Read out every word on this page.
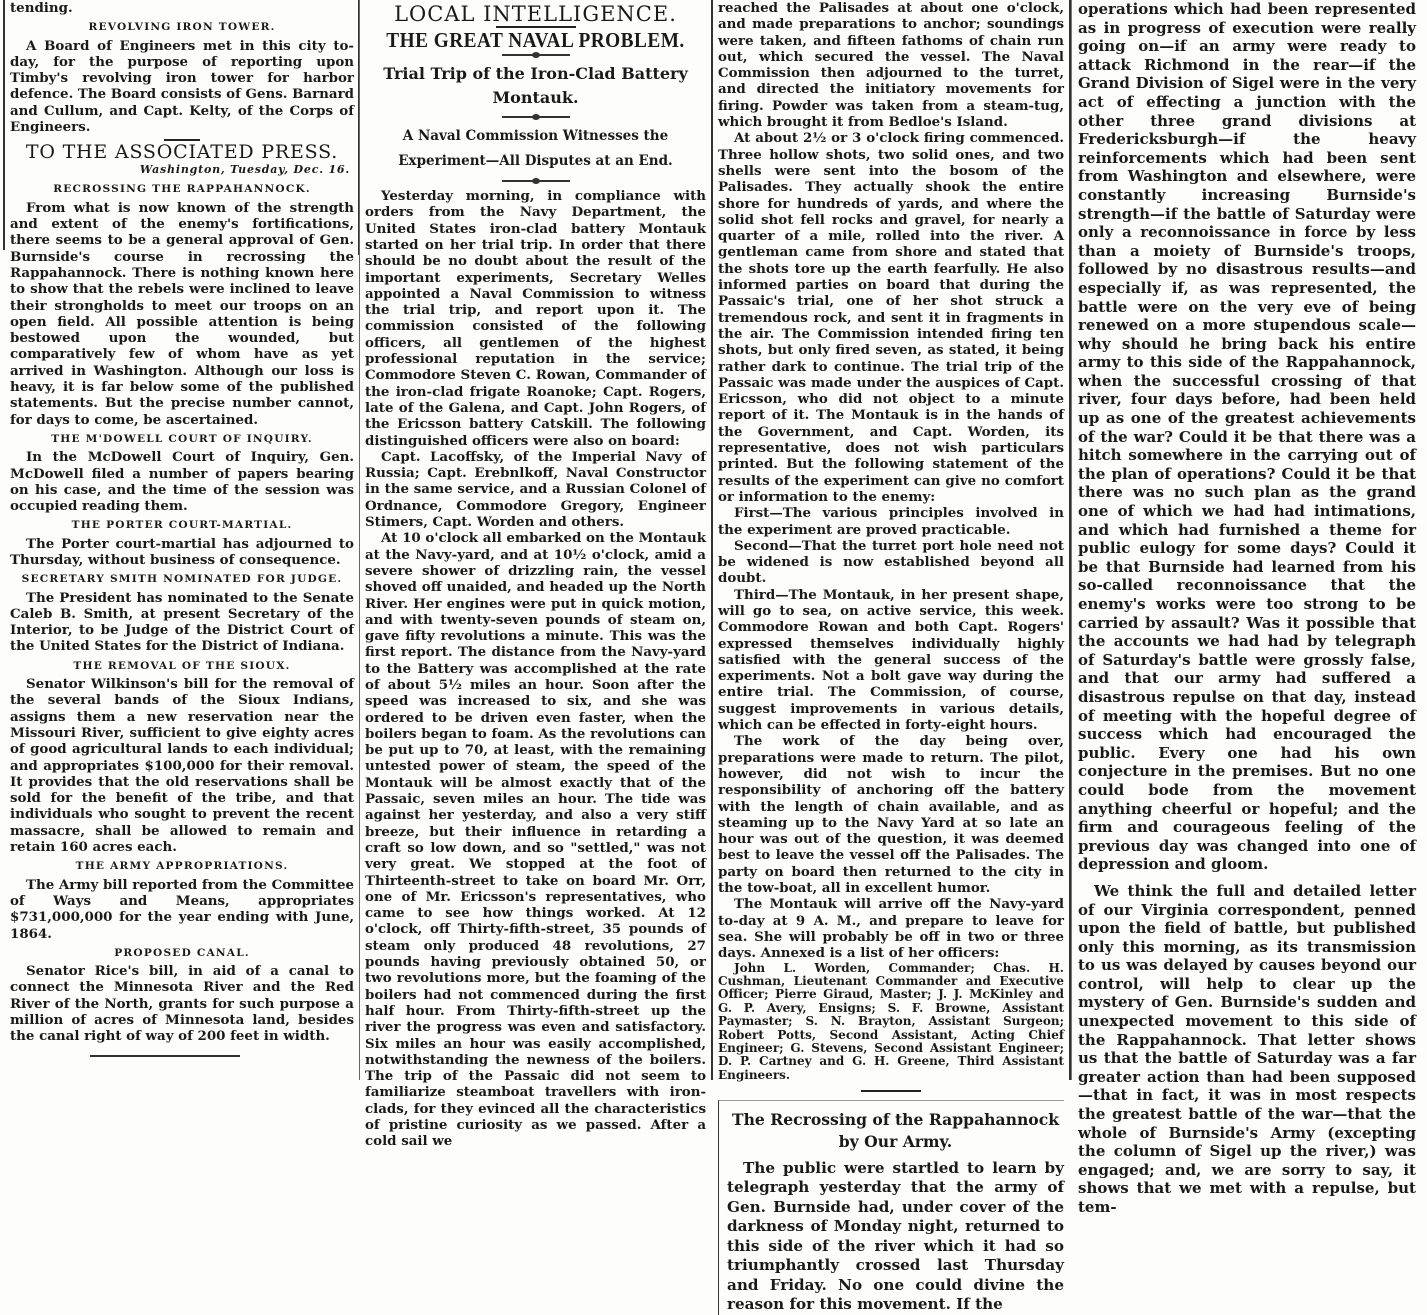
tending.

REVOLVING IRON TOWER.

A Board of Engineers met in this city to-day, for the purpose of reporting upon Timby's revolving iron tower for harbor defence. The Board consists of Gens. Barnard and Cullum, and Capt. Kelty, of the Corps of Engineers.

TO THE ASSOCIATED PRESS.
Washington, Tuesday, Dec. 16.

RECROSSING THE RAPPAHANNOCK.

From what is now known of the strength and extent of the enemy's fortifications, there seems to be a general approval of Gen. Burnside's course in recrossing the Rappahannock. There is nothing known here to show that the rebels were inclined to leave their strongholds to meet our troops on an open field. All possible attention is being bestowed upon the wounded, but comparatively few of whom have as yet arrived in Washington. Although our loss is heavy, it is far below some of the published statements. But the precise number cannot, for days to come, be ascertained.

THE M'DOWELL COURT OF INQUIRY.

In the McDowell Court of Inquiry, Gen. McDowell filed a number of papers bearing on his case, and the time of the session was occupied reading them.

THE PORTER COURT-MARTIAL.

The Porter court-martial has adjourned to Thursday, without business of consequence.

SECRETARY SMITH NOMINATED FOR JUDGE.

The President has nominated to the Senate Caleb B. Smith, at present Secretary of the Interior, to be Judge of the District Court of the United States for the District of Indiana.

THE REMOVAL OF THE SIOUX.

Senator Wilkinson's bill for the removal of the several bands of the Sioux Indians, assigns them a new reservation near the Missouri River, sufficient to give eighty acres of good agricultural lands to each individual; and appropriates $100,000 for their removal. It provides that the old reservations shall be sold for the benefit of the tribe, and that individuals who sought to prevent the recent massacre, shall be allowed to remain and retain 160 acres each.

THE ARMY APPROPRIATIONS.

The Army bill reported from the Committee of Ways and Means, appropriates $731,000,000 for the year ending with June, 1864.

PROPOSED CANAL.

Senator Rice's bill, in aid of a canal to connect the Minnesota River and the Red River of the North, grants for such purpose a million of acres of Minnesota land, besides the canal right of way of 200 feet in width.

LOCAL INTELLIGENCE.
THE GREAT NAVAL PROBLEM.
Trial Trip of the Iron-Clad Battery Montauk.
A Naval Commission Witnesses the Experiment—All Disputes at an End.

Yesterday morning, in compliance with orders from the Navy Department, the United States iron-clad battery Montauk started on her trial trip. In order that there should be no doubt about the result of the important experiments, Secretary Welles appointed a Naval Commission to witness the trial trip, and report upon it. The commission consisted of the following officers, all gentlemen of the highest professional reputation in the service; Commodore Steven C. Rowan, Commander of the iron-clad frigate Roanoke; Capt. Rogers, late of the Galena, and Capt. John Rogers, of the Ericsson battery Catskill. The following distinguished officers were also on board:

Capt. Lacoffsky, of the Imperial Navy of Russia; Capt. Erebnlkoff, Naval Constructor in the same service, and a Russian Colonel of Ordnance, Commodore Gregory, Engineer Stimers, Capt. Worden and others.

At 10 o'clock all embarked on the Montauk at the Navy-yard, and at 10½ o'clock, amid a severe shower of drizzling rain, the vessel shoved off unaided, and headed up the North River. Her engines were put in quick motion, and with twenty-seven pounds of steam on, gave fifty revolutions a minute. This was the first report. The distance from the Navy-yard to the Battery was accomplished at the rate of about 5½ miles an hour. Soon after the speed was increased to six, and she was ordered to be driven even faster, when the boilers began to foam. As the revolutions can be put up to 70, at least, with the remaining untested power of steam, the speed of the Montauk will be almost exactly that of the Passaic, seven miles an hour. The tide was against her yesterday, and also a very stiff breeze, but their influence in retarding a craft so low down, and so "settled," was not very great. We stopped at the foot of Thirteenth-street to take on board Mr. Orr, one of Mr. Ericsson's representatives, who came to see how things worked. At 12 o'clock, off Thirty-fifth-street, 35 pounds of steam only produced 48 revolutions, 27 pounds having previously obtained 50, or two revolutions more, but the foaming of the boilers had not commenced during the first half hour. From Thirty-fifth-street up the river the progress was even and satisfactory. Six miles an hour was easily accomplished, notwithstanding the newness of the boilers. The trip of the Passaic did not seem to familiarize steamboat travellers with iron-clads, for they evinced all the characteristics of pristine curiosity as we passed. After a cold sail we

reached the Palisades at about one o'clock, and made preparations to anchor; soundings were taken, and fifteen fathoms of chain run out, which secured the vessel. The Naval Commission then adjourned to the turret, and directed the initiatory movements for firing. Powder was taken from a steam-tug, which brought it from Bedloe's Island.

At about 2½ or 3 o'clock firing commenced. Three hollow shots, two solid ones, and two shells were sent into the bosom of the Palisades. They actually shook the entire shore for hundreds of yards, and where the solid shot fell rocks and gravel, for nearly a quarter of a mile, rolled into the river. A gentleman came from shore and stated that the shots tore up the earth fearfully. He also informed parties on board that during the Passaic's trial, one of her shot struck a tremendous rock, and sent it in fragments in the air. The Commission intended firing ten shots, but only fired seven, as stated, it being rather dark to continue. The trial trip of the Passaic was made under the auspices of Capt. Ericsson, who did not object to a minute report of it. The Montauk is in the hands of the Government, and Capt. Worden, its representative, does not wish particulars printed. But the following statement of the results of the experiment can give no comfort or information to the enemy:

First—The various principles involved in the experiment are proved practicable.

Second—That the turret port hole need not be widened is now established beyond all doubt.

Third—The Montauk, in her present shape, will go to sea, on active service, this week. Commodore Rowan and both Capt. Rogers' expressed themselves individually highly satisfied with the general success of the experiments. Not a bolt gave way during the entire trial. The Commission, of course, suggest improvements in various details, which can be effected in forty-eight hours.

The work of the day being over, preparations were made to return. The pilot, however, did not wish to incur the responsibility of anchoring off the battery with the length of chain available, and as steaming up to the Navy Yard at so late an hour was out of the question, it was deemed best to leave the vessel off the Palisades. The party on board then returned to the city in the tow-boat, all in excellent humor.

The Montauk will arrive off the Navy-yard to-day at 9 A. M., and prepare to leave for sea. She will probably be off in two or three days. Annexed is a list of her officers:

John L. Worden, Commander; Chas. H. Cushman, Lieutenant Commander and Executive Officer; Pierre Giraud, Master; J. J. McKinley and G. P. Avery, Ensigns; S. F. Browne, Assistant Paymaster; S. N. Brayton, Assistant Surgeon; Robert Potts, Second Assistant, Acting Chief Engineer; G. Stevens, Second Assistant Engineer; D. P. Cartney and G. H. Greene, Third Assistant Engineers.

The Recrossing of the Rappahannock by Our Army.

The public were startled to learn by telegraph yesterday that the army of Gen. Burnside had, under cover of the darkness of Monday night, returned to this side of the river which it had so triumphantly crossed last Thursday and Friday. No one could divine the reason for this movement. If the

operations which had been represented as in progress of execution were really going on—if an army were ready to attack Richmond in the rear—if the Grand Division of Sigel were in the very act of effecting a junction with the other three grand divisions at Fredericksburgh—if the heavy reinforcements which had been sent from Washington and elsewhere, were constantly increasing Burnside's strength—if the battle of Saturday were only a reconnoissance in force by less than a moiety of Burnside's troops, followed by no disastrous results—and especially if, as was represented, the battle were on the very eve of being renewed on a more stupendous scale—why should he bring back his entire army to this side of the Rappahannock, when the successful crossing of that river, four days before, had been held up as one of the greatest achievements of the war? Could it be that there was a hitch somewhere in the carrying out of the plan of operations? Could it be that there was no such plan as the grand one of which we had had intimations, and which had furnished a theme for public eulogy for some days? Could it be that Burnside had learned from his so-called reconnoissance that the enemy's works were too strong to be carried by assault? Was it possible that the accounts we had had by telegraph of Saturday's battle were grossly false, and that our army had suffered a disastrous repulse on that day, instead of meeting with the hopeful degree of success which had encouraged the public. Every one had his own conjecture in the premises. But no one could bode from the movement anything cheerful or hopeful; and the firm and courageous feeling of the previous day was changed into one of depression and gloom.

We think the full and detailed letter of our Virginia correspondent, penned upon the field of battle, but published only this morning, as its transmission to us was delayed by causes beyond our control, will help to clear up the mystery of Gen. Burnside's sudden and unexpected movement to this side of the Rappahannock. That letter shows us that the battle of Saturday was a far greater action than had been supposed—that in fact, it was in most respects the greatest battle of the war—that the whole of Burnside's Army (excepting the column of Sigel up the river,) was engaged; and, we are sorry to say, it shows that we met with a repulse, but tem-
